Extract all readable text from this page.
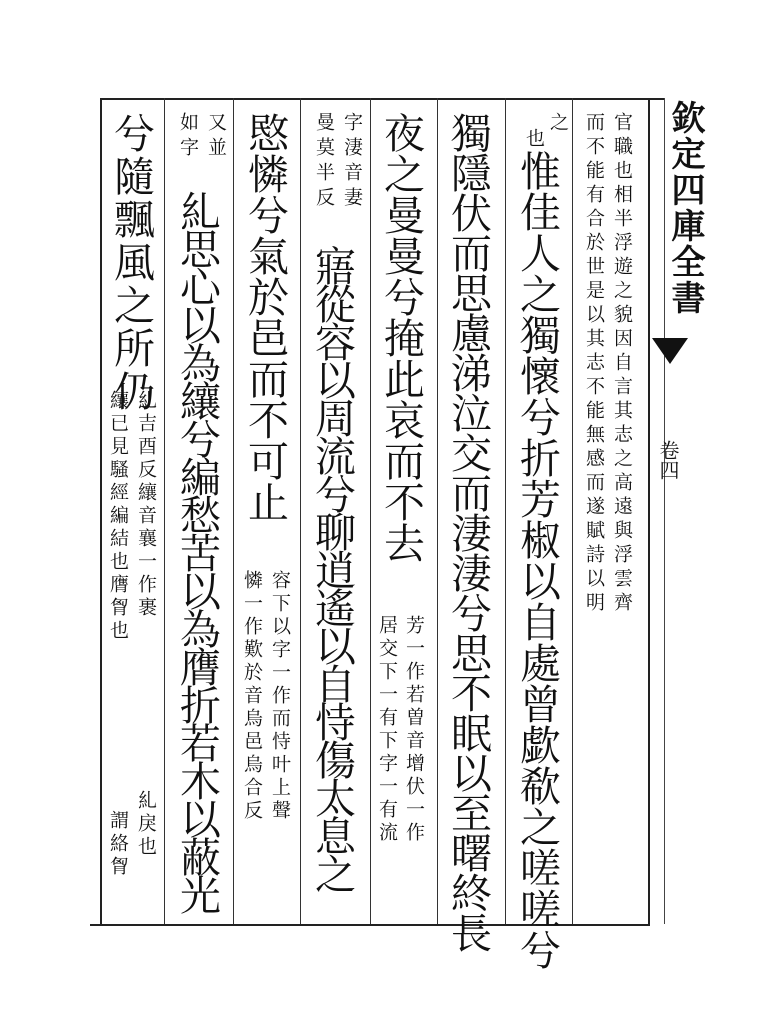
欽定四庫全書
卷四
官職也相半浮遊之貌因自言其志之高遠與浮雲齊
而不能有合於世是以其志不能無感而遂賦詩以明
之
也
惟佳人之獨懷兮折芳椒以自處曾歔欷之嗟嗟兮
獨隱伏而思慮涕泣交而淒淒兮思不眠以至曙終長
夜之曼曼兮掩此哀而不去
芳一作若曽音增伏一作
居交下一有下字一有流
字淒音妻
曼莫半反
寤從容以周流兮聊逍遙以自恃傷太息之
愍憐兮氣於邑而不可止
容下以字一作而恃叶上聲
憐一作歎於音烏邑烏合反
又並
如字
糺思心以為纕兮編愁苦以為膺折若木以蔽光
兮隨飄風之所仍
糺吉酉反纕音襄一作裹
纕已見騷經編結也膺胷也
糺戾也
謂絡胷
